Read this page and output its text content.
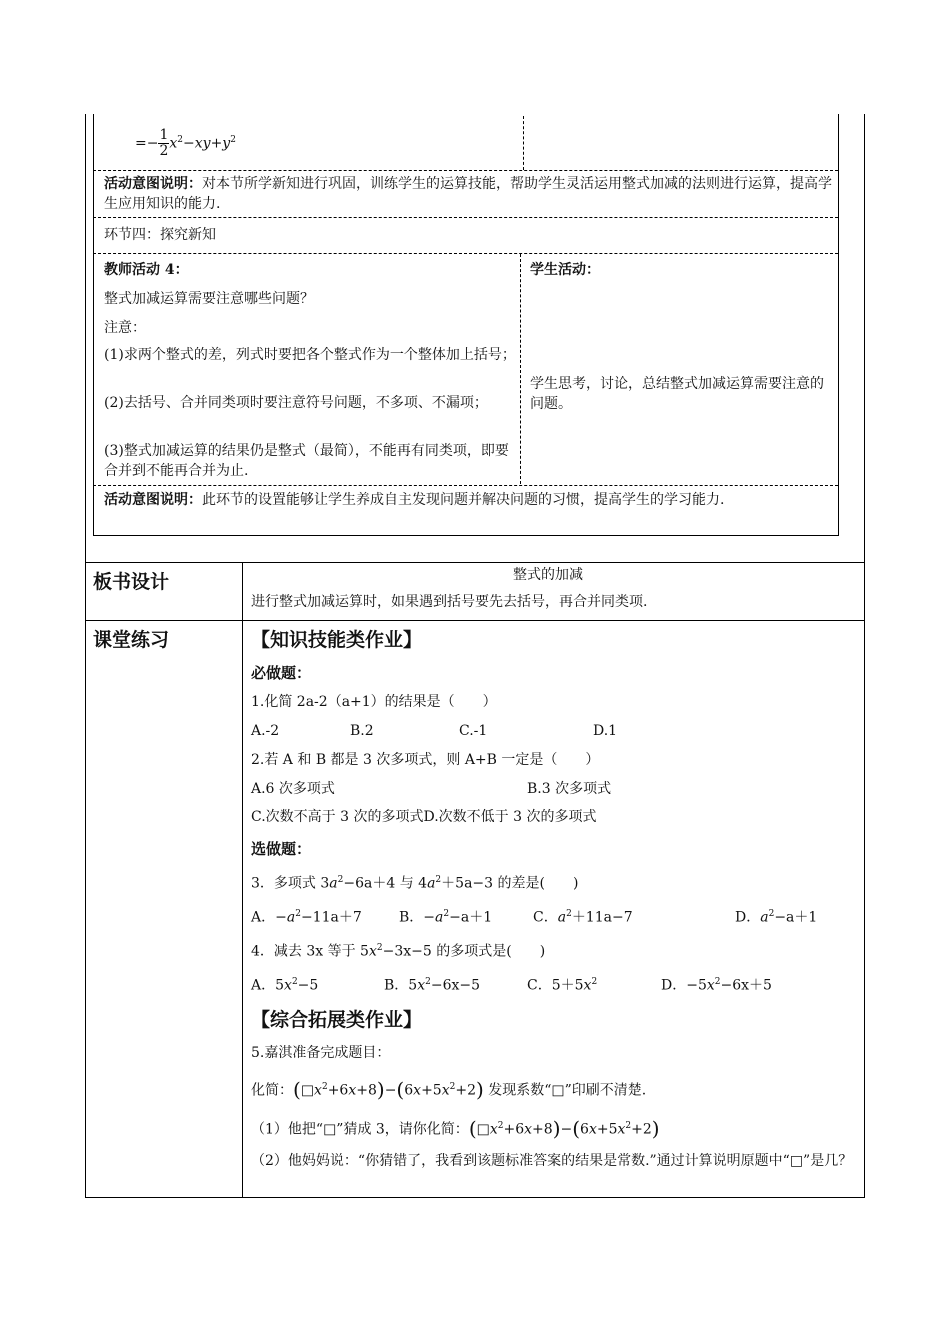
=− $\frac{1}{2} x^2-xy+y^2$
活动意图说明：对本节所学新知进行巩固，训练学生的运算技能，帮助学生灵活运用整式加减的法则进行运算，提高学生应用知识的能力.
环节四：探究新知
教师活动 4：
整式加减运算需要注意哪些问题？
注意：
(1)求两个整式的差，列式时要把各个整式作为一个整体加上括号；
(2)去括号、合并同类项时要注意符号问题，不多项、不漏项；
(3)整式加减运算的结果仍是整式（最简），不能再有同类项，即要合并到不能再合并为止.
学生活动：
学生思考，讨论，总结整式加减运算需要注意的问题。
活动意图说明：此环节的设置能够让学生养成自主发现问题并解决问题的习惯，提高学生的学习能力.
板书设计	整式的加减
进行整式加减运算时，如果遇到括号要先去括号，再合并同类项.
课堂练习	【知识技能类作业】
必做题：
1.化简 2a-2（a+1）的结果是（　　）
A.-2	B.2	C.-1	D.1
2.若 A 和 B 都是 3 次多项式，则 A+B 一定是（　　）
A.6 次多项式	B.3 次多项式
C.次数不高于 3 次的多项式D.次数不低于 3 次的多项式
选做题：
3．多项式 $3a^2-6a+4$ 与 $4a^2+5a-3$ 的差是(　　)
A．$-a^2-11a+7$	B．$-a^2-a+1$	C．$a^2+11a-7$	D．$a^2-a+1$
4．减去 3x 等于 $5x^2-3x-5$ 的多项式是(　　)
A．$5x^2-5$	B．$5x^2-6x-5$	C．$5+5x^2$	D．$-5x^2-6x+5$
【综合拓展类作业】
5.嘉淇准备完成题目：
化简：$(□x^2+6x+8)-(6x+5x^2+2)$ 发现系数“□”印刷不清楚.
（1）他把“□”猜成 3，请你化简：$(□x^2+6x+8)-(6x+5x^2+2)$
（2）他妈妈说：“你猜错了，我看到该题标准答案的结果是常数.”通过计算说明原题中“□”是几？
